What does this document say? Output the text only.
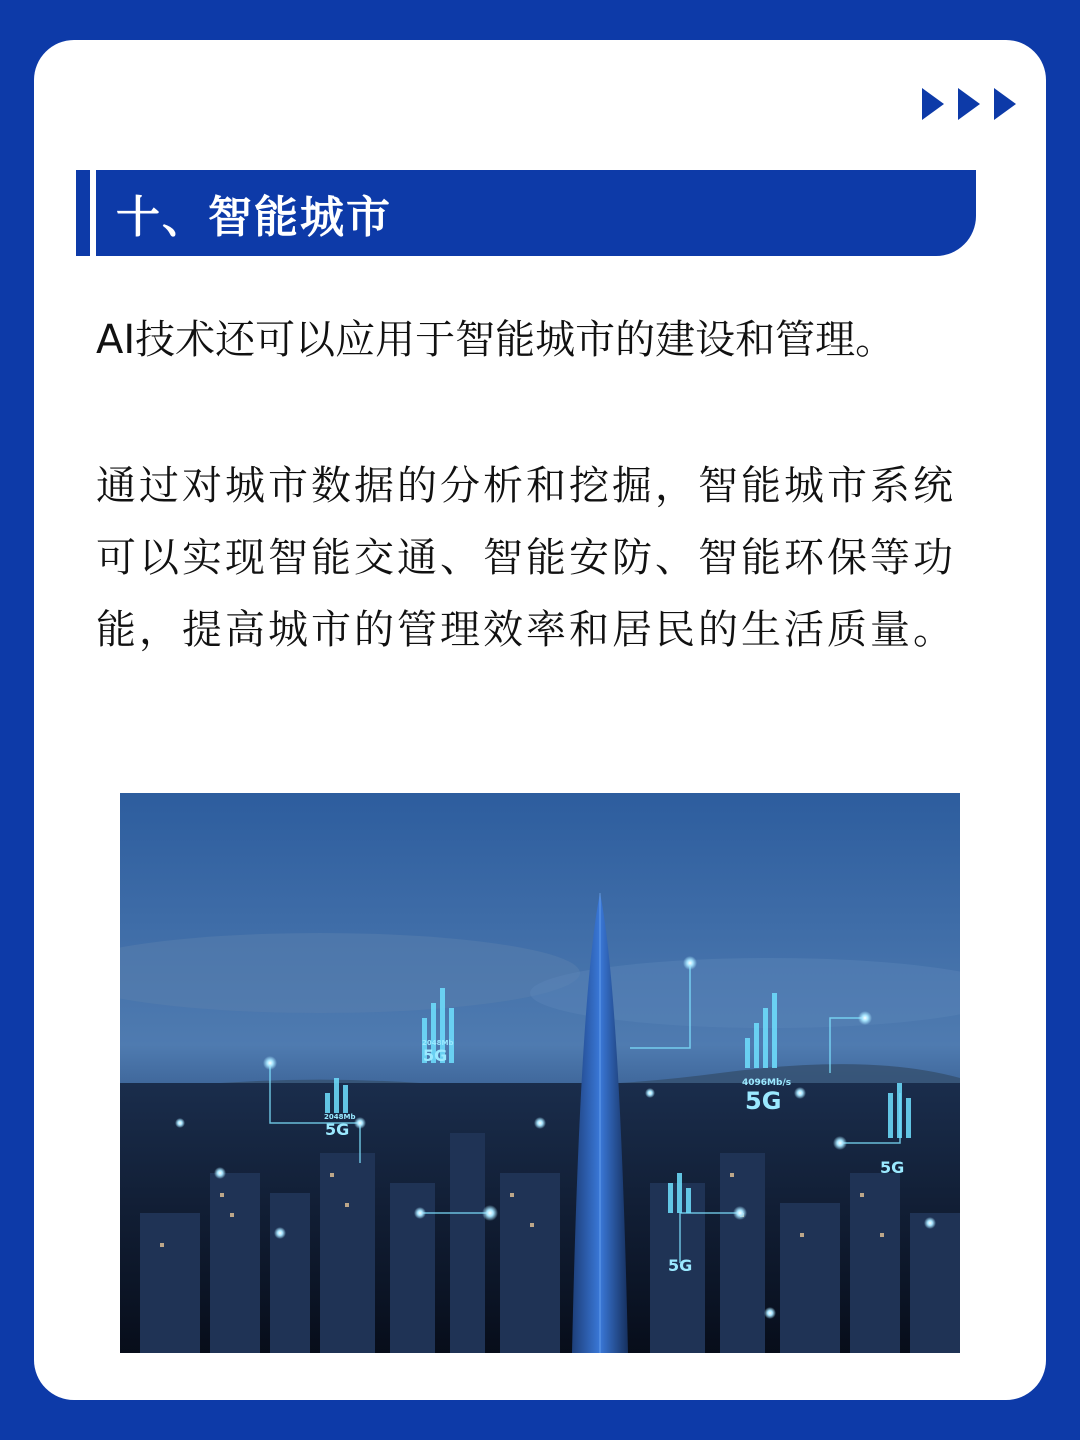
十、智能城市

AI技术还可以应用于智能城市的建设和管理。

通过对城市数据的分析和挖掘，智能城市系统可以实现智能交通、智能安防、智能环保等功能，提高城市的管理效率和居民的生活质量。

5G
5G
5G
5G
5G
2048Mb
2048Mb
4096Mb/s
